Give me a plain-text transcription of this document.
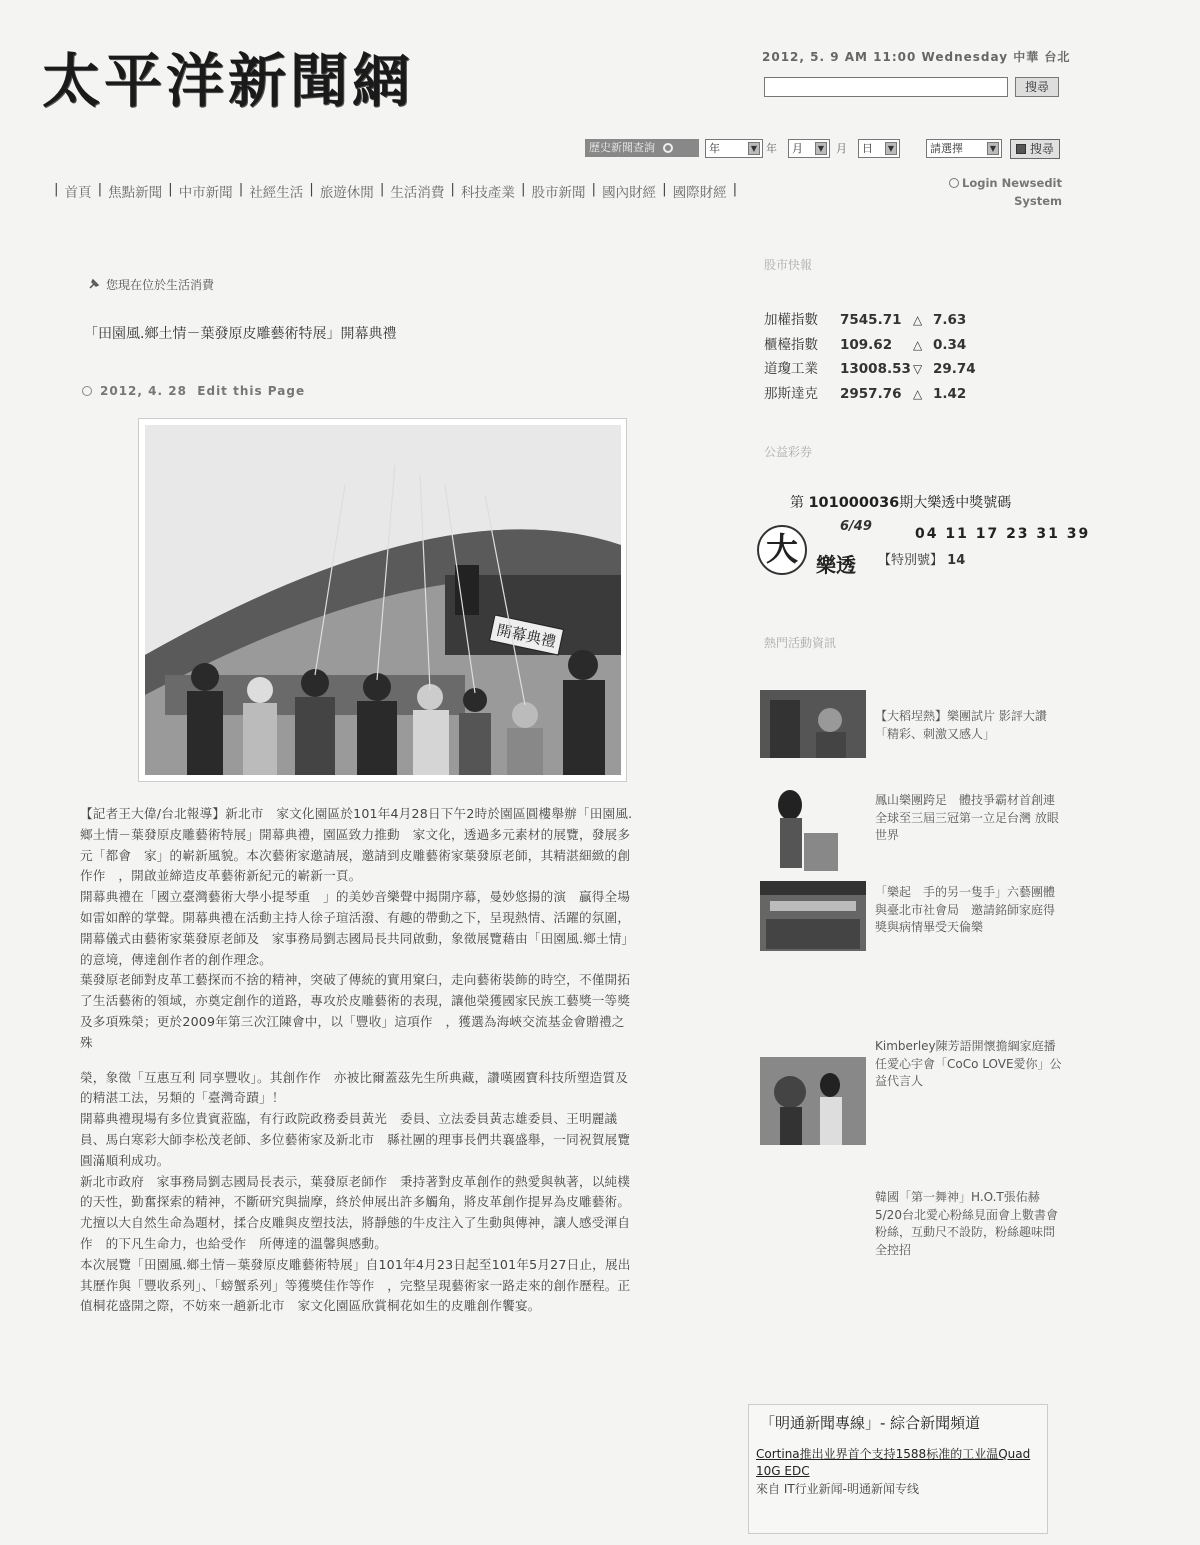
太平洋新聞網	2012, 5. 9 AM 11:00 Wednesday 中華 台北
搜尋
歷史新聞查詢	年	▼ 年	月	▼ 月	日	▼	請選擇	▼	搜尋
| 首頁 | 焦點新聞 | 中市新聞 | 社經生活 | 旅遊休閒 | 生活消費 | 科技產業 | 股市新聞 | 國內財經 | 國際財經 |	Login Newsedit
System
您現在位於生活消費
「田園風.鄉土情－葉發原皮雕藝術特展」開幕典禮
2012, 4. 28 Edit this Page
開幕典禮

【記者王大偉/台北報導】新北市　家文化園區於101年4月28日下午2時於園區圓樓舉辦「田園風.鄉土情－葉發原皮雕藝術特展」開幕典禮，園區致力推動　家文化，透過多元素材的展覽，發展多元「都會　家」的嶄新風貌。本次藝術家邀請展，邀請到皮雕藝術家葉發原老師，其精湛細緻的創作作　，開啟並締造皮革藝術新紀元的嶄新一頁。

開幕典禮在「國立臺灣藝術大學小提琴重　」的美妙音樂聲中揭開序幕，曼妙悠揚的演　贏得全場如雷如醉的掌聲。開幕典禮在活動主持人徐子瑄活潑、有趣的帶動之下，呈現熱情、活躍的氛圍，開幕儀式由藝術家葉發原老師及　家事務局劉志國局長共同啟動，象徵展覽藉由「田園風.鄉土情」的意境，傳達創作者的創作理念。

葉發原老師對皮革工藝探而不捨的精神，突破了傳統的實用窠臼，走向藝術裝飾的時空，不僅開拓了生活藝術的領域，亦奠定創作的道路，專攻於皮雕藝術的表現，讓他榮獲國家民族工藝獎一等獎及多項殊榮；更於2009年第三次江陳會中，以「豐收」這項作　，獲選為海峽交流基金會贈禮之殊

榮，象徵「互惠互利 同享豐收」。其創作作　亦被比爾蓋茲先生所典藏，讚嘆國寶科技所塑造質及的精湛工法，另類的「臺灣奇蹟」！

開幕典禮現場有多位貴賓蒞臨，有行政院政務委員黃光　委員、立法委員黃志雄委員、王明麗議員、馬白寒彩大師李松茂老師、多位藝術家及新北市　縣社團的理事長們共襄盛舉，一同祝賀展覽圓滿順利成功。

新北市政府　家事務局劉志國局長表示，葉發原老師作　秉持著對皮革創作的熱愛與執著，以純樸的天性，勤奮探索的精神，不斷研究與揣摩，終於伸展出許多觸角，將皮革創作提昇為皮雕藝術。尤擅以大自然生命為題材，揉合皮雕與皮塑技法，將靜態的牛皮注入了生動與傳神，讓人感受渾自作　的下凡生命力，也給受作　所傳達的溫馨與感動。

本次展覽「田園風.鄉土情－葉發原皮雕藝術特展」自101年4月23日起至101年5月27日止，展出其歷作與「豐收系列」、「螃蟹系列」等獲獎佳作等作　，完整呈現藝術家一路走來的創作歷程。正值桐花盛開之際，不妨來一趟新北市　家文化園區欣賞桐花如生的皮雕創作饗宴。

股市快報
加權指數	7545.71 △ 7.63
櫃檯指數	109.62	△ 0.34
道瓊工業	13008.53 ▽ 29.74
那斯達克	2957.76 △ 1.42
公益彩券
第 101000036期大樂透中獎號碼
大 樂透
6/49	04 11 17 23 31 39
【特別號】 14
熱門活動資訊
【大稻埕熱】樂團試片 影評大讚「精彩、刺激又感人」
鳳山樂團跨足　體技爭霸材首創連全球至三屆三冠第一立足台灣 放眼世界
「樂起　手的另一隻手」六藝團體與臺北市社會局　邀請銘師家庭得獎與病情畢受天倫樂
Kimberley陳芳語開懷擔綱家庭播任愛心宇會「CoCo LOVE愛你」公益代言人
韓國「第一舞神」H.O.T張佑赫5/20台北愛心粉絲見面會上數書會粉絲，互動尺不設防，粉絲趣味問全控招
「明通新聞專線」- 綜合新聞頻道
Cortina推出业界首个支持1588标准的工业温Quad 10G EDC
來自 IT行业新闻-明通新闻专线
